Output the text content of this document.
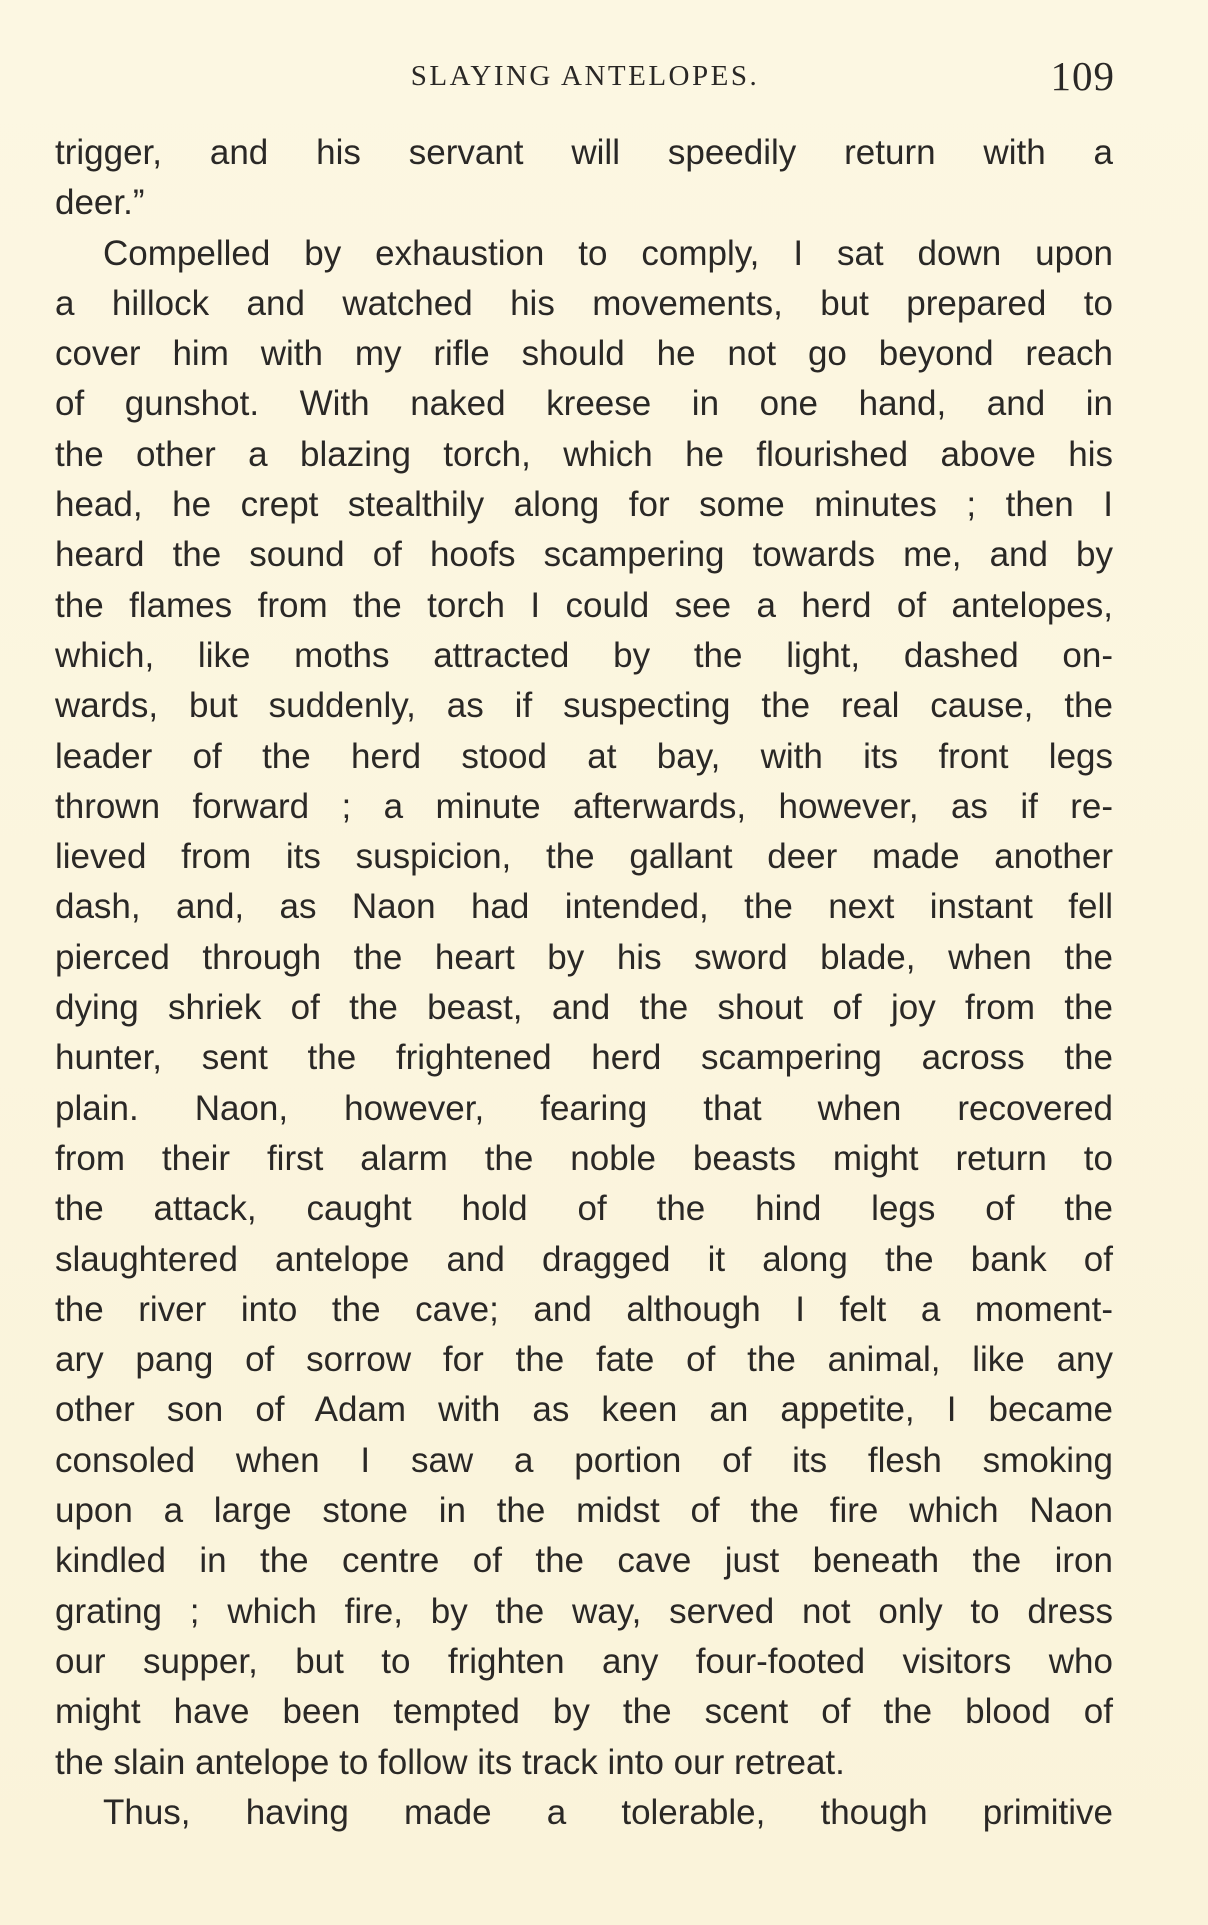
SLAYING ANTELOPES.	109
trigger, and his servant will speedily return with a
deer.”
Compelled by exhaustion to comply, I sat down upon
a hillock and watched his movements, but prepared to
cover him with my rifle should he not go beyond reach
of gunshot. With naked kreese in one hand, and in
the other a blazing torch, which he flourished above his
head, he crept stealthily along for some minutes ; then I
heard the sound of hoofs scampering towards me, and by
the flames from the torch I could see a herd of antelopes,
which, like moths attracted by the light, dashed on-
wards, but suddenly, as if suspecting the real cause, the
leader of the herd stood at bay, with its front legs
thrown forward ; a minute afterwards, however, as if re-
lieved from its suspicion, the gallant deer made another
dash, and, as Naon had intended, the next instant fell
pierced through the heart by his sword blade, when the
dying shriek of the beast, and the shout of joy from the
hunter, sent the frightened herd scampering across the
plain. Naon, however, fearing that when recovered
from their first alarm the noble beasts might return to
the attack, caught hold of the hind legs of the
slaughtered antelope and dragged it along the bank of
the river into the cave; and although I felt a moment-
ary pang of sorrow for the fate of the animal, like any
other son of Adam with as keen an appetite, I became
consoled when I saw a portion of its flesh smoking
upon a large stone in the midst of the fire which Naon
kindled in the centre of the cave just beneath the iron
grating ; which fire, by the way, served not only to dress
our supper, but to frighten any four-footed visitors who
might have been tempted by the scent of the blood of
the slain antelope to follow its track into our retreat.
Thus, having made a tolerable, though primitive
